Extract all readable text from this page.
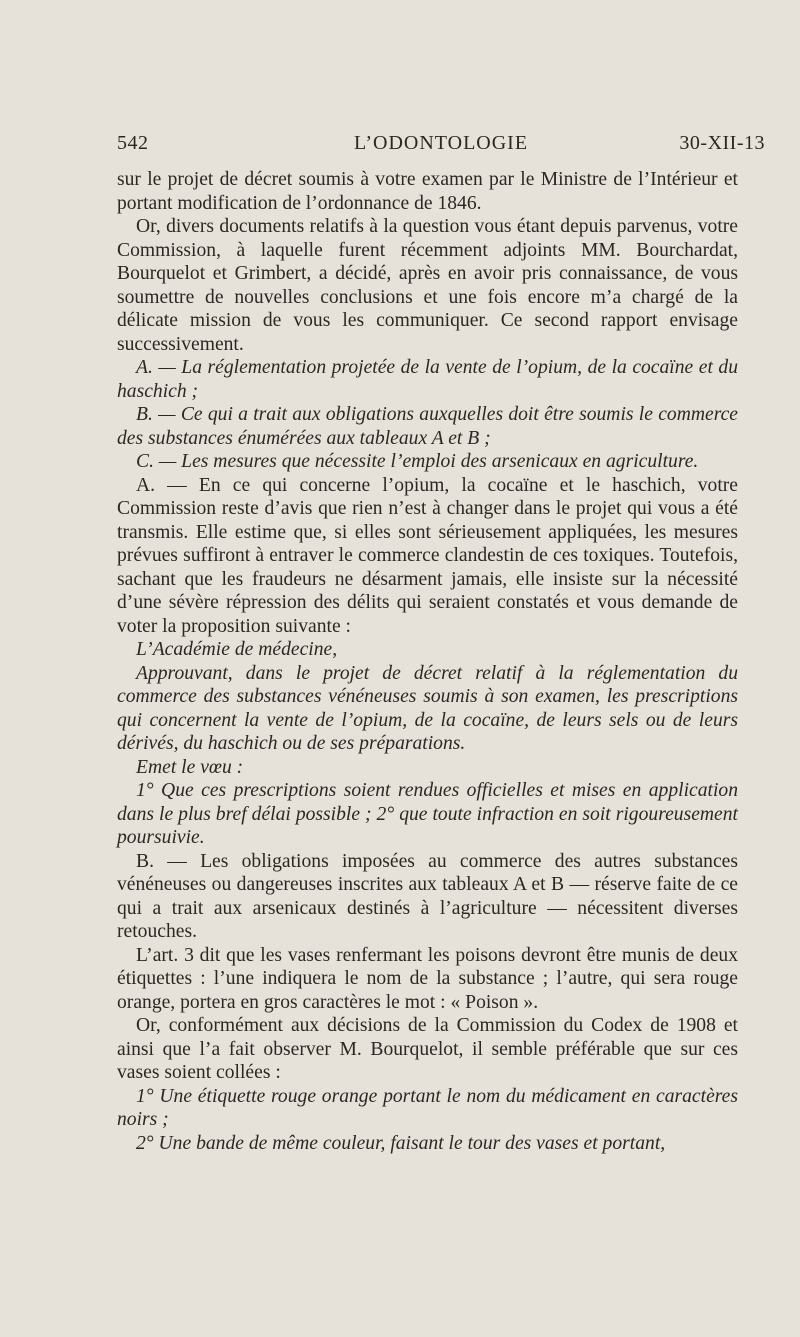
542	L’ODONTOLOGIE	30-XII-13

sur le projet de décret soumis à votre examen par le Ministre de l’Intérieur et portant modification de l’ordonnance de 1846.

Or, divers documents relatifs à la question vous étant depuis parvenus, votre Commission, à laquelle furent récemment adjoints MM. Bourchardat, Bourquelot et Grimbert, a décidé, après en avoir pris connaissance, de vous soumettre de nouvelles conclusions et une fois encore m’a chargé de la délicate mission de vous les communiquer. Ce second rapport envisage successivement.

A. — La réglementation projetée de la vente de l’opium, de la cocaïne et du haschich ;

B. — Ce qui a trait aux obligations auxquelles doit être soumis le commerce des substances énumérées aux tableaux A et B ;

C. — Les mesures que nécessite l’emploi des arsenicaux en agriculture.

A. — En ce qui concerne l’opium, la cocaïne et le haschich, votre Commission reste d’avis que rien n’est à changer dans le projet qui vous a été transmis. Elle estime que, si elles sont sérieusement appliquées, les mesures prévues suffiront à entraver le commerce clandestin de ces toxiques. Toutefois, sachant que les fraudeurs ne désarment jamais, elle insiste sur la nécessité d’une sévère répression des délits qui seraient constatés et vous demande de voter la proposition suivante :

L’Académie de médecine,

Approuvant, dans le projet de décret relatif à la réglementation du commerce des substances vénéneuses soumis à son examen, les prescriptions qui concernent la vente de l’opium, de la cocaïne, de leurs sels ou de leurs dérivés, du haschich ou de ses préparations.

Emet le vœu :

1° Que ces prescriptions soient rendues officielles et mises en application dans le plus bref délai possible ; 2° que toute infraction en soit rigoureusement poursuivie.

B. — Les obligations imposées au commerce des autres substances vénéneuses ou dangereuses inscrites aux tableaux A et B — réserve faite de ce qui a trait aux arsenicaux destinés à l’agriculture — nécessitent diverses retouches.

L’art. 3 dit que les vases renfermant les poisons devront être munis de deux étiquettes : l’une indiquera le nom de la substance ; l’autre, qui sera rouge orange, portera en gros caractères le mot : « Poison ».

Or, conformément aux décisions de la Commission du Codex de 1908 et ainsi que l’a fait observer M. Bourquelot, il semble préférable que sur ces vases soient collées :

1° Une étiquette rouge orange portant le nom du médicament en caractères noirs ;

2° Une bande de même couleur, faisant le tour des vases et portant,
